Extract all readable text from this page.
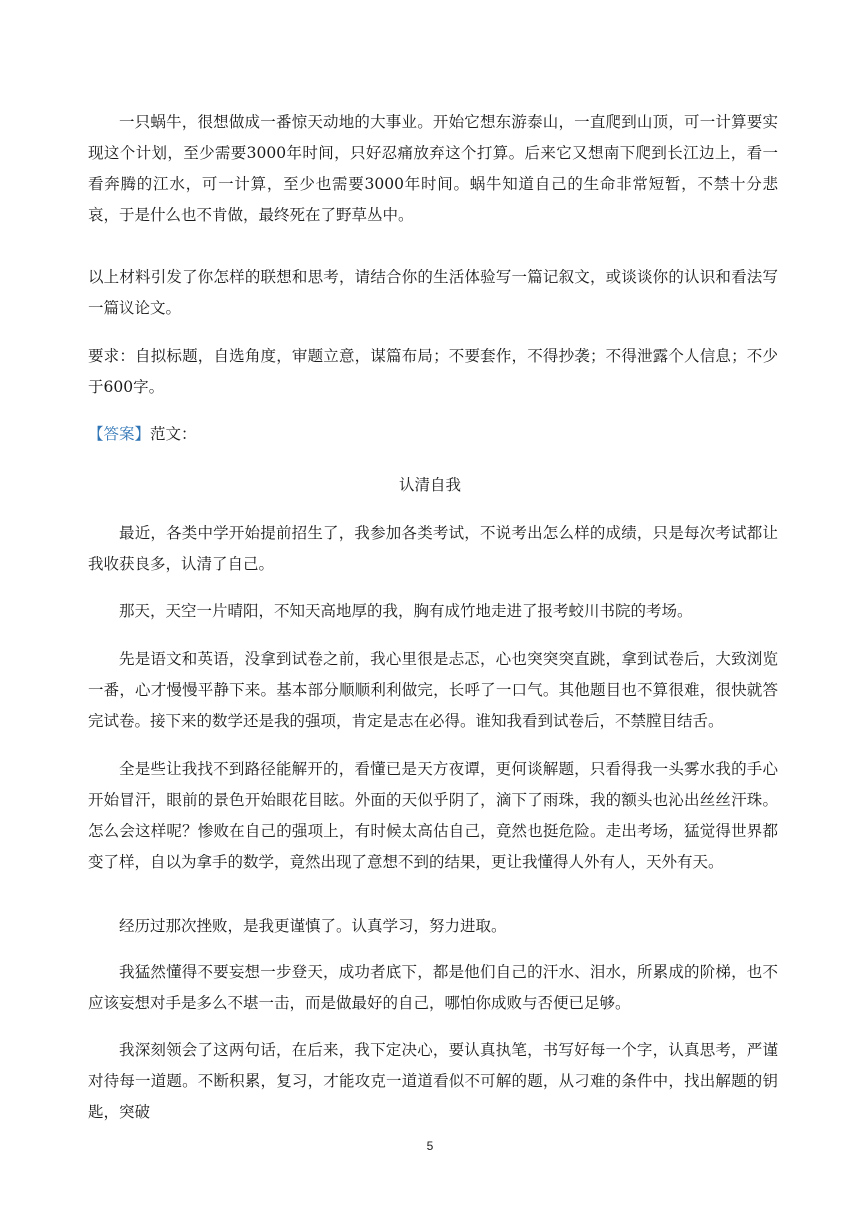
一只蜗牛，很想做成一番惊天动地的大事业。开始它想东游泰山，一直爬到山顶，可一计算要实现这个计划，至少需要3000年时间，只好忍痛放弃这个打算。后来它又想南下爬到长江边上，看一看奔腾的江水，可一计算，至少也需要3000年时间。蜗牛知道自己的生命非常短暂，不禁十分悲哀，于是什么也不肯做，最终死在了野草丛中。

以上材料引发了你怎样的联想和思考，请结合你的生活体验写一篇记叙文，或谈谈你的认识和看法写一篇议论文。

要求：自拟标题，自选角度，审题立意，谋篇布局；不要套作，不得抄袭；不得泄露个人信息；不少于600字。

【答案】范文：

认清自我

最近，各类中学开始提前招生了，我参加各类考试，不说考出怎么样的成绩，只是每次考试都让我收获良多，认清了自己。

那天，天空一片晴阳，不知天高地厚的我，胸有成竹地走进了报考蛟川书院的考场。

先是语文和英语，没拿到试卷之前，我心里很是忐忑，心也突突突直跳，拿到试卷后，大致浏览一番，心才慢慢平静下来。基本部分顺顺利利做完，长呼了一口气。其他题目也不算很难，很快就答完试卷。接下来的数学还是我的强项，肯定是志在必得。谁知我看到试卷后，不禁膛目结舌。

全是些让我找不到路径能解开的，看懂已是天方夜谭，更何谈解题，只看得我一头雾水我的手心开始冒汗，眼前的景色开始眼花目眩。外面的天似乎阴了，滴下了雨珠，我的额头也沁出丝丝汗珠。怎么会这样呢？惨败在自己的强项上，有时候太高估自己，竟然也挺危险。走出考场，猛觉得世界都变了样，自以为拿手的数学，竟然出现了意想不到的结果，更让我懂得人外有人，天外有天。

经历过那次挫败，是我更谨慎了。认真学习，努力进取。

我猛然懂得不要妄想一步登天，成功者底下，都是他们自己的汗水、泪水，所累成的阶梯，也不应该妄想对手是多么不堪一击，而是做最好的自己，哪怕你成败与否便已足够。

我深刻领会了这两句话，在后来，我下定决心，要认真执笔，书写好每一个字，认真思考，严谨对待每一道题。不断积累，复习，才能攻克一道道看似不可解的题，从刁难的条件中，找出解题的钥匙，突破

5
